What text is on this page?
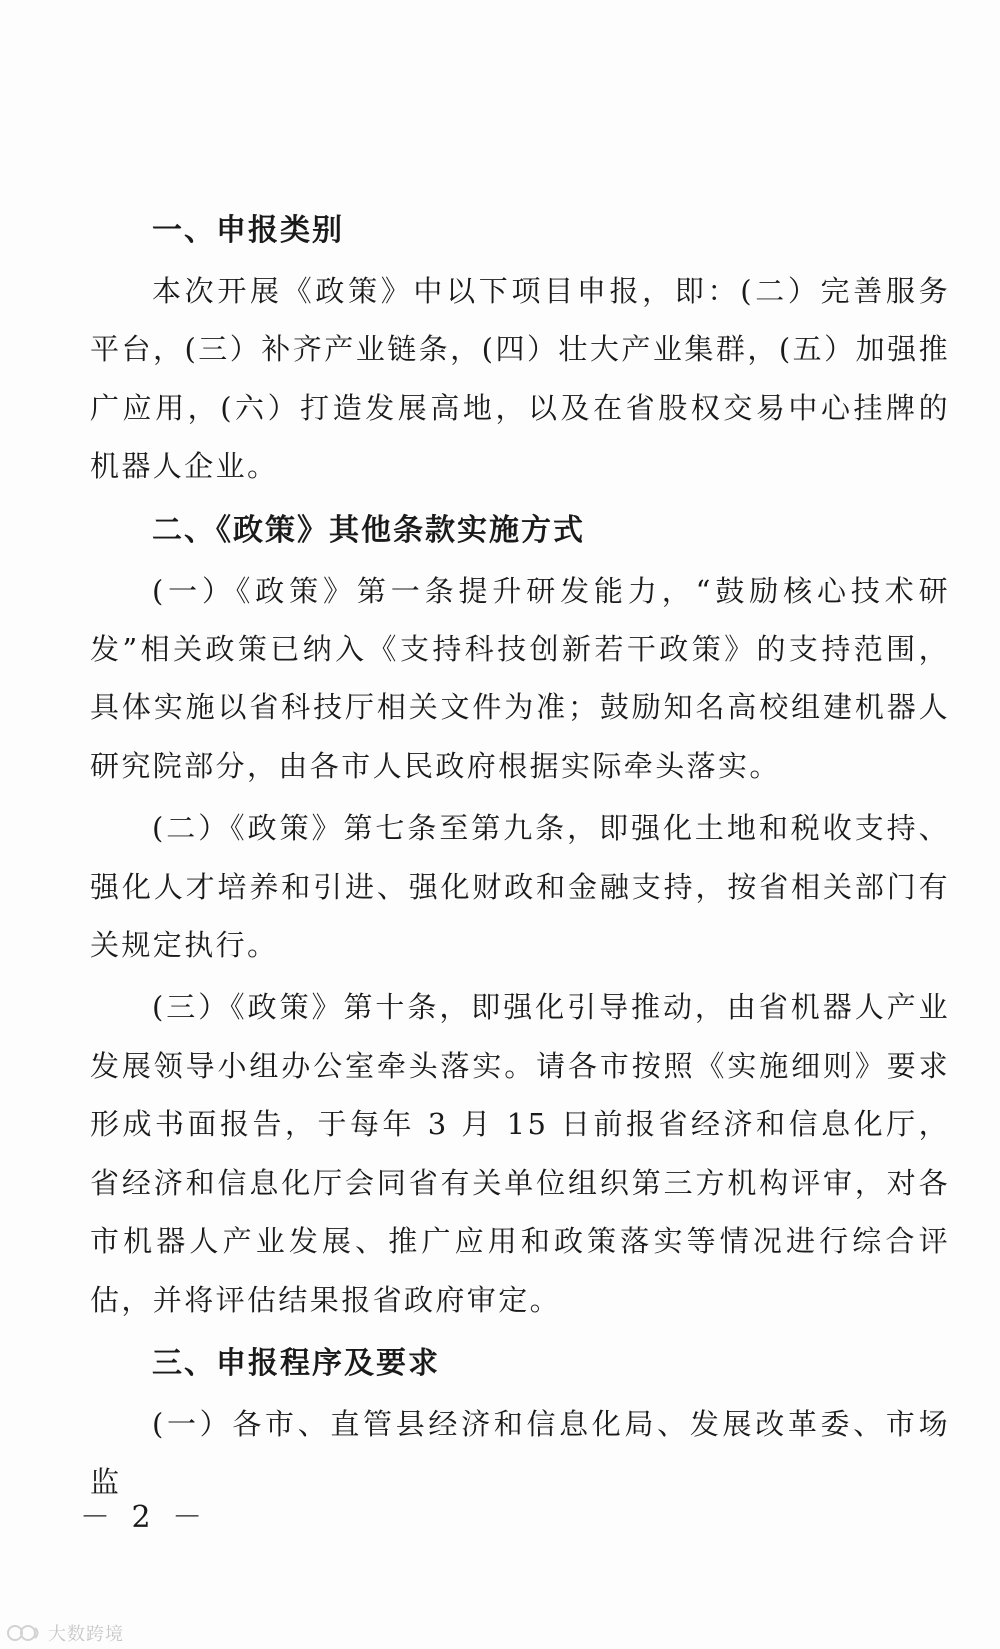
一、申报类别

本次开展《政策》中以下项目申报，即：(二）完善服务平台，(三）补齐产业链条，(四）壮大产业集群，(五）加强推广应用，(六）打造发展高地，以及在省股权交易中心挂牌的机器人企业。

二、《政策》其他条款实施方式

(一）《政策》第一条提升研发能力，“鼓励核心技术研发”相关政策已纳入《支持科技创新若干政策》的支持范围，具体实施以省科技厅相关文件为准；鼓励知名高校组建机器人研究院部分，由各市人民政府根据实际牵头落实。

(二）《政策》第七条至第九条，即强化土地和税收支持、强化人才培养和引进、强化财政和金融支持，按省相关部门有关规定执行。

(三）《政策》第十条，即强化引导推动，由省机器人产业发展领导小组办公室牵头落实。请各市按照《实施细则》要求形成书面报告，于每年 3 月 15 日前报省经济和信息化厅，省经济和信息化厅会同省有关单位组织第三方机构评审，对各市机器人产业发展、推广应用和政策落实等情况进行综合评估，并将评估结果报省政府审定。

三、申报程序及要求

(一）各市、直管县经济和信息化局、发展改革委、市场监

－ 2 －
大数跨境
